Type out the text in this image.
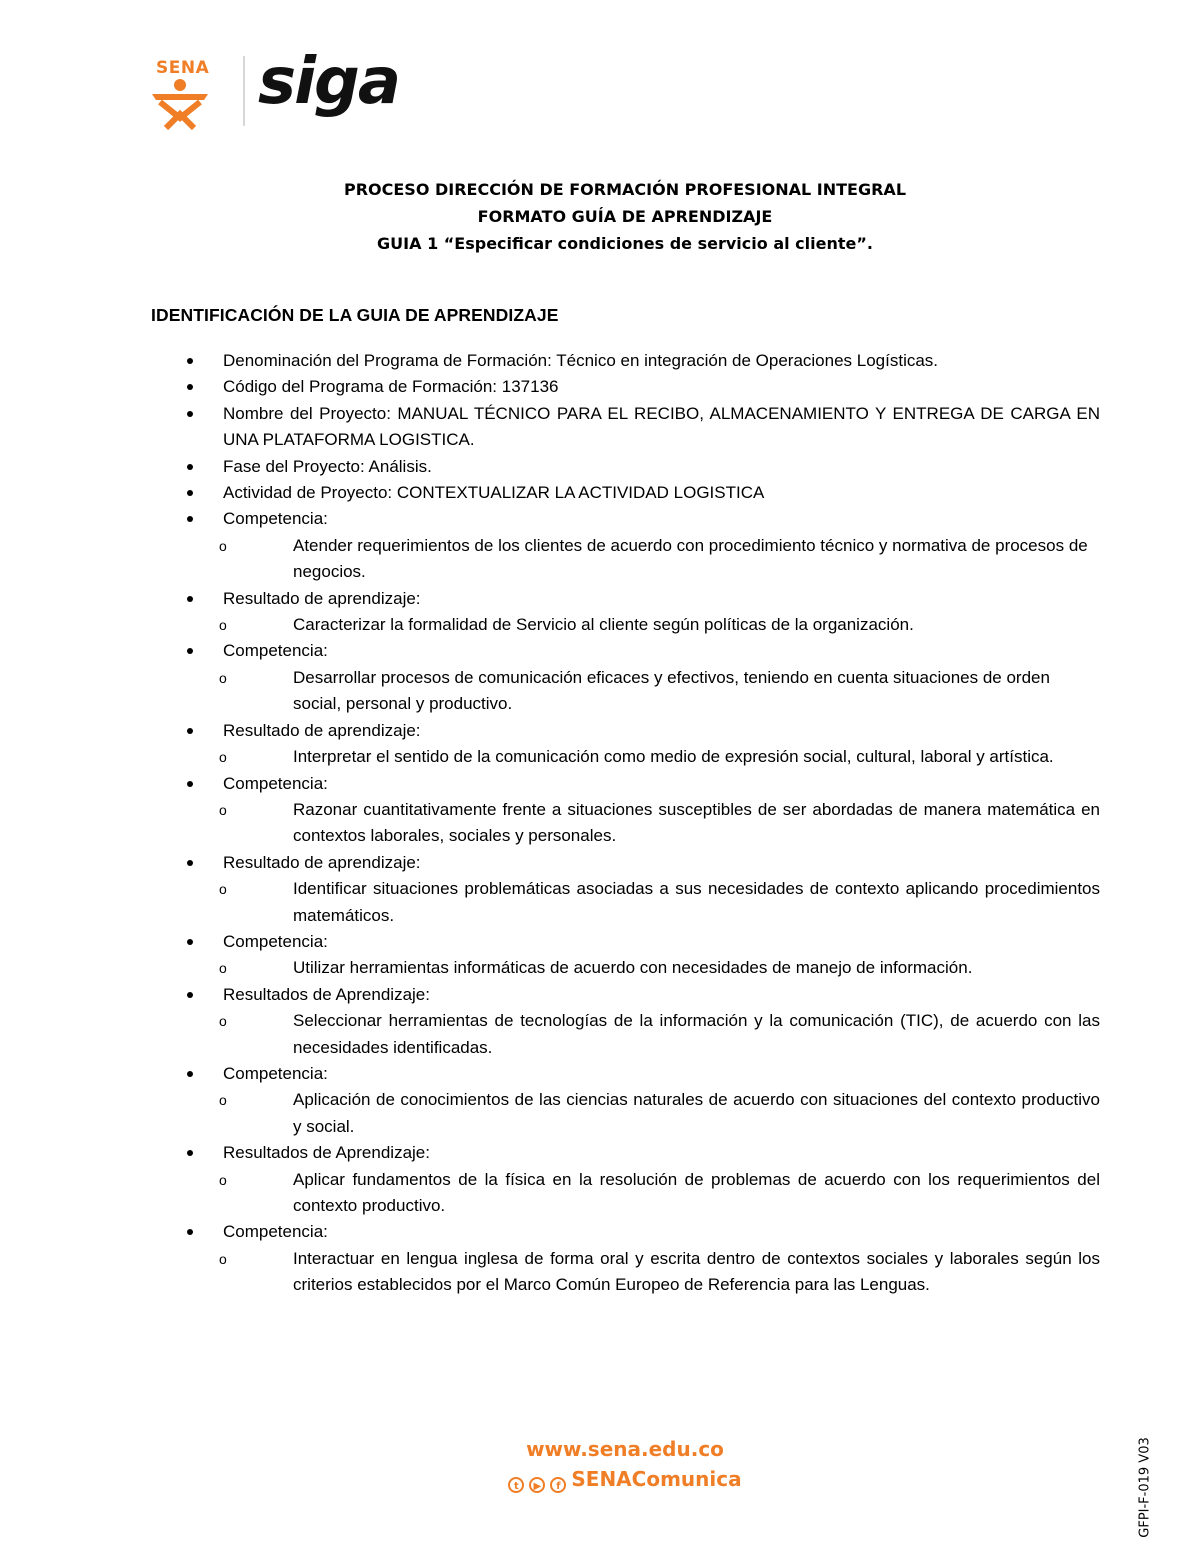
SENA siga
PROCESO DIRECCIÓN DE FORMACIÓN PROFESIONAL INTEGRAL
FORMATO GUÍA DE APRENDIZAJE
GUIA 1 “Especificar condiciones de servicio al cliente”.
IDENTIFICACIÓN DE LA GUIA DE APRENDIZAJE
Denominación del Programa de Formación: Técnico en integración de Operaciones Logísticas.
Código del Programa de Formación: 137136
Nombre del Proyecto: MANUAL TÉCNICO PARA EL RECIBO, ALMACENAMIENTO Y ENTREGA DE CARGA EN UNA PLATAFORMA LOGISTICA.
Fase del Proyecto: Análisis.
Actividad de Proyecto: CONTEXTUALIZAR LA ACTIVIDAD LOGISTICA
Competencia:
o	Atender requerimientos de los clientes de acuerdo con procedimiento técnico y normativa de procesos de negocios.
Resultado de aprendizaje:
o	Caracterizar la formalidad de Servicio al cliente según políticas de la organización.
Competencia:
o	Desarrollar procesos de comunicación eficaces y efectivos, teniendo en cuenta situaciones de orden social, personal y productivo.
Resultado de aprendizaje:
o	Interpretar el sentido de la comunicación como medio de expresión social, cultural, laboral y artística.
Competencia:
o	Razonar cuantitativamente frente a situaciones susceptibles de ser abordadas de manera matemática en contextos laborales, sociales y personales.
Resultado de aprendizaje:
o	Identificar situaciones problemáticas asociadas a sus necesidades de contexto aplicando procedimientos matemáticos.
Competencia:
o	Utilizar herramientas informáticas de acuerdo con necesidades de manejo de información.
Resultados de Aprendizaje:
o	Seleccionar herramientas de tecnologías de la información y la comunicación (TIC), de acuerdo con las necesidades identificadas.
Competencia:
o	Aplicación de conocimientos de las ciencias naturales de acuerdo con situaciones del contexto productivo y social.
Resultados de Aprendizaje:
o	Aplicar fundamentos de la física en la resolución de problemas de acuerdo con los requerimientos del contexto productivo.
Competencia:
o	Interactuar en lengua inglesa de forma oral y escrita dentro de contextos sociales y laborales según los criterios establecidos por el Marco Común Europeo de Referencia para las Lenguas.
www.sena.edu.co
t ▶ f SENAComunica	GFPI-F-019 V03
